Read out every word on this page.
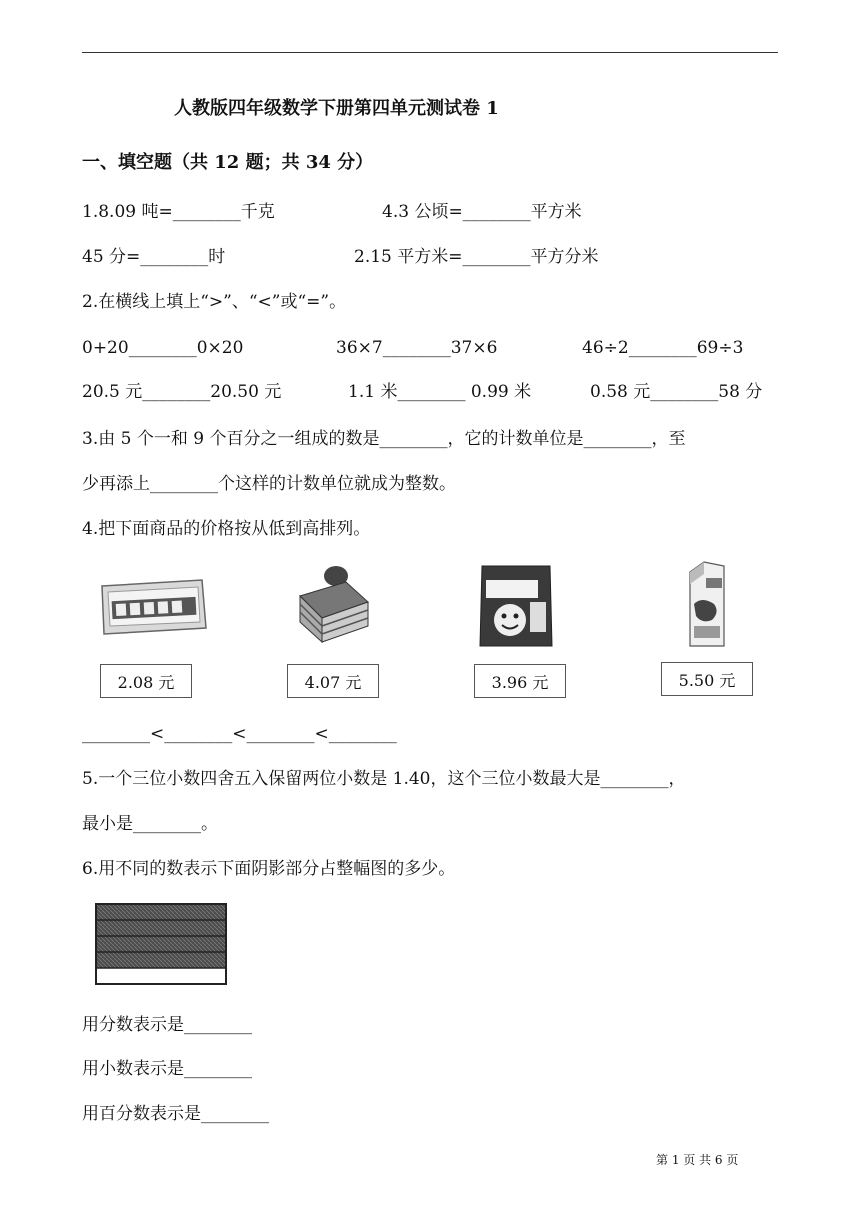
人教版四年级数学下册第四单元测试卷 1
一、填空题（共 12 题；共 34 分）
1.8.09 吨=________千克	4.3 公顷=________平方米
45 分=________时	2.15 平方米=________平方分米
2.在横线上填上“>”、“<”或“=”。
0+20________0×20	36×7________37×6	46÷2________69÷3
20.5 元________20.50 元	1.1 米________ 0.99 米	0.58 元________58 分
3.由 5 个一和 9 个百分之一组成的数是________，它的计数单位是________，至
少再添上________个这样的计数单位就成为整数。
4.把下面商品的价格按从低到高排列。
2.08 元	4.07 元	3.96 元	5.50 元
________<________<________<________
5.一个三位小数四舍五入保留两位小数是 1.40，这个三位小数最大是________，
最小是________。
6.用不同的数表示下面阴影部分占整幅图的多少。
用分数表示是________
用小数表示是________
用百分数表示是________
第 1 页 共 6 页
